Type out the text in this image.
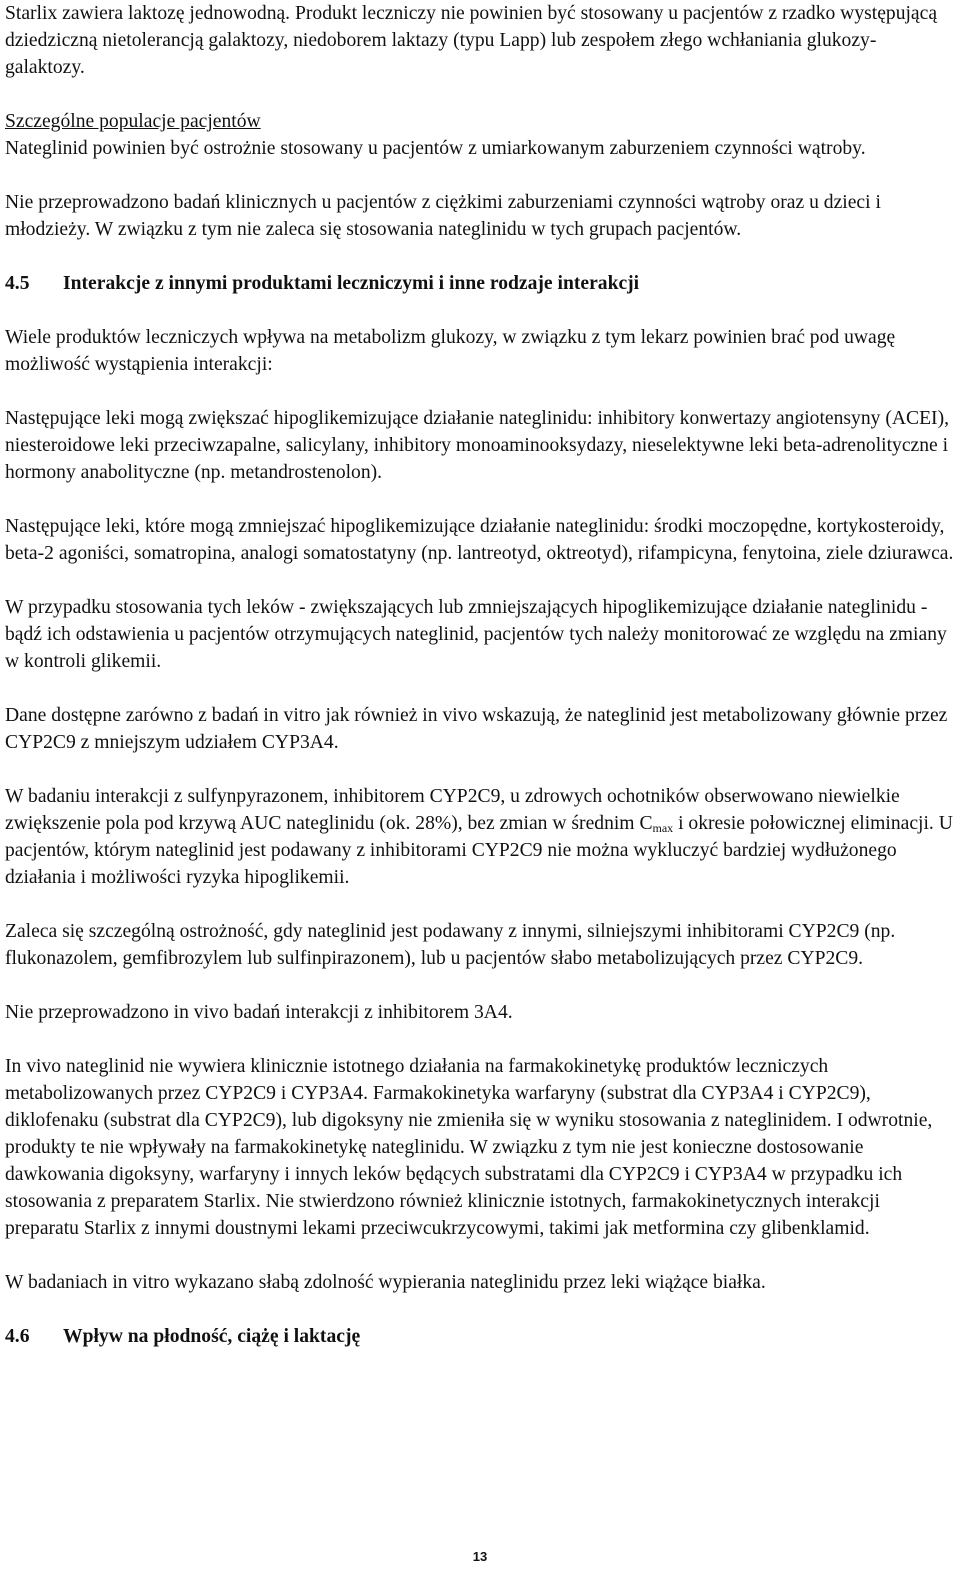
Starlix zawiera laktozę jednowodną. Produkt leczniczy nie powinien być stosowany u pacjentów z rzadko występującą dziedziczną nietolerancją galaktozy, niedoborem laktazy (typu Lapp) lub zespołem złego wchłaniania glukozy-galaktozy.

Szczególne populacje pacjentów

Nateglinid powinien być ostrożnie stosowany u pacjentów z umiarkowanym zaburzeniem czynności wątroby.

Nie przeprowadzono badań klinicznych u pacjentów z ciężkimi zaburzeniami czynności wątroby oraz u dzieci i młodzieży. W związku z tym nie zaleca się stosowania nateglinidu w tych grupach pacjentów.

4.5	Interakcje z innymi produktami leczniczymi i inne rodzaje interakcji

Wiele produktów leczniczych wpływa na metabolizm glukozy, w związku z tym lekarz powinien brać pod uwagę możliwość wystąpienia interakcji:

Następujące leki mogą zwiększać hipoglikemizujące działanie nateglinidu: inhibitory konwertazy angiotensyny (ACEI), niesteroidowe leki przeciwzapalne, salicylany, inhibitory monoaminooksydazy, nieselektywne leki beta-adrenolityczne i hormony anabolityczne (np. metandrostenolon).

Następujące leki, które mogą zmniejszać hipoglikemizujące działanie nateglinidu: środki moczopędne, kortykosteroidy, beta-2 agoniści, somatropina, analogi somatostatyny (np. lantreotyd, oktreotyd), rifampicyna, fenytoina, ziele dziurawca.

W przypadku stosowania tych leków - zwiększających lub zmniejszających hipoglikemizujące działanie nateglinidu - bądź ich odstawienia u pacjentów otrzymujących nateglinid, pacjentów tych należy monitorować ze względu na zmiany w kontroli glikemii.

Dane dostępne zarówno z badań in vitro jak również in vivo wskazują, że nateglinid jest metabolizowany głównie przez CYP2C9 z mniejszym udziałem CYP3A4.

W badaniu interakcji z sulfynpyrazonem, inhibitorem CYP2C9, u zdrowych ochotników obserwowano niewielkie zwiększenie pola pod krzywą AUC nateglinidu (ok. 28%), bez zmian w średnim $C_{max}$ i okresie połowicznej eliminacji. U pacjentów, którym nateglinid jest podawany z inhibitorami CYP2C9 nie można wykluczyć bardziej wydłużonego działania i możliwości ryzyka hipoglikemii.

Zaleca się szczególną ostrożność, gdy nateglinid jest podawany z innymi, silniejszymi inhibitorami CYP2C9 (np. flukonazolem, gemfibrozylem lub sulfinpirazonem), lub u pacjentów słabo metabolizujących przez CYP2C9.

Nie przeprowadzono in vivo badań interakcji z inhibitorem 3A4.

In vivo nateglinid nie wywiera klinicznie istotnego działania na farmakokinetykę produktów leczniczych metabolizowanych przez CYP2C9 i CYP3A4. Farmakokinetyka warfaryny (substrat dla CYP3A4 i CYP2C9), diklofenaku (substrat dla CYP2C9), lub digoksyny nie zmieniła się w wyniku stosowania z nateglinidem. I odwrotnie, produkty te nie wpływały na farmakokinetykę nateglinidu. W związku z tym nie jest konieczne dostosowanie dawkowania digoksyny, warfaryny i innych leków będących substratami dla CYP2C9 i CYP3A4 w przypadku ich stosowania z preparatem Starlix. Nie stwierdzono również klinicznie istotnych, farmakokinetycznych interakcji preparatu Starlix z innymi doustnymi lekami przeciwcukrzycowymi, takimi jak metformina czy glibenklamid.

W badaniach in vitro wykazano słabą zdolność wypierania nateglinidu przez leki wiążące białka.

4.6	Wpływ na płodność, ciążę i laktację
13
